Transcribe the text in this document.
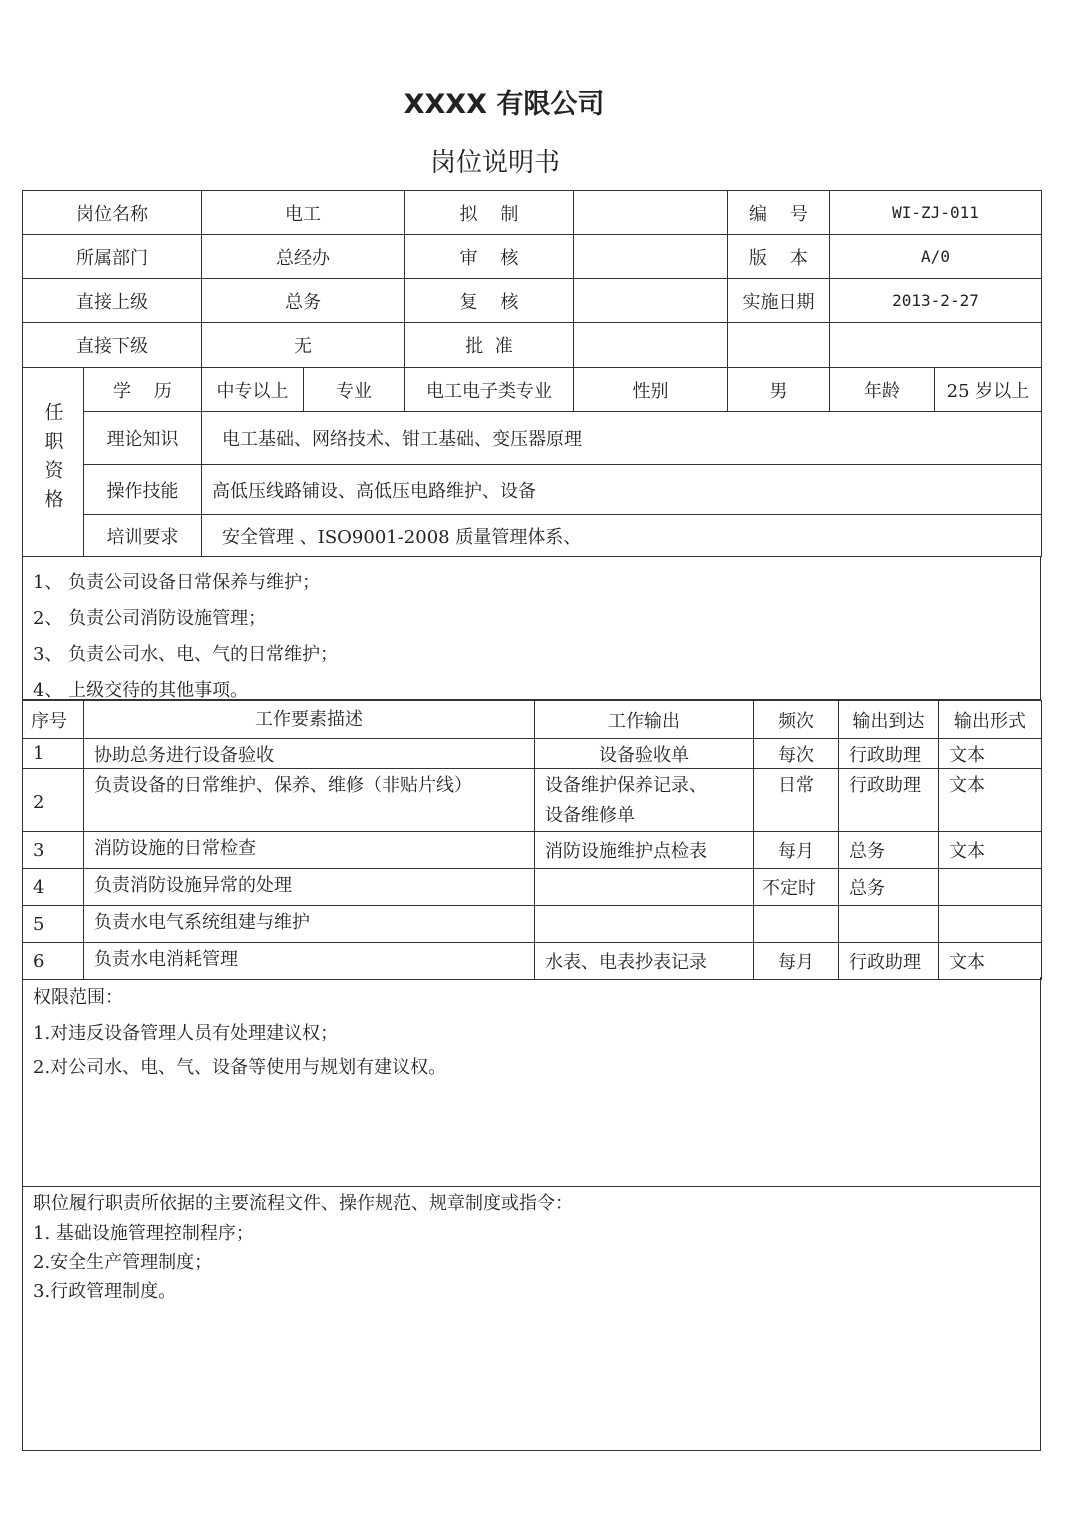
XXXX 有限公司
岗位说明书
岗位名称	电工	拟    制		编    号	WI-ZJ-011
所属部门	总经办	审    核		版    本	A/0
直接上级	总务	复    核		实施日期	2013-2-27
直接下级	无	批  准			
任职资格	学    历	中专以上	专业	电工电子类专业	性别	男	年龄	25 岁以上
	理论知识	电工基础、网络技术、钳工基础、变压器原理						
	操作技能	高低压线路铺设、高低压电路维护、设备						
	培训要求	安全管理 、ISO9001-2008 质量管理体系、						
1、 负责公司设备日常保养与维护；
2、 负责公司消防设施管理；
3、 负责公司水、电、气的日常维护；
4、 上级交待的其他事项。
序号	工作要素描述	工作输出	频次	输出到达	输出形式
1	协助总务进行设备验收	设备验收单	每次	行政助理	文本
2	负责设备的日常维护、保养、维修（非贴片线）	设备维护保养记录、
设备维修单	日常	行政助理	文本
3	消防设施的日常检查	消防设施维护点检表	每月	总务	文本
4	负责消防设施异常的处理		不定时	总务	
5	负责水电气系统组建与维护				
6	负责水电消耗管理	水表、电表抄表记录	每月	行政助理	文本
权限范围：
1.对违反设备管理人员有处理建议权；
2.对公司水、电、气、设备等使用与规划有建议权。
职位履行职责所依据的主要流程文件、操作规范、规章制度或指令：
1. 基础设施管理控制程序；
2.安全生产管理制度；
3.行政管理制度。
